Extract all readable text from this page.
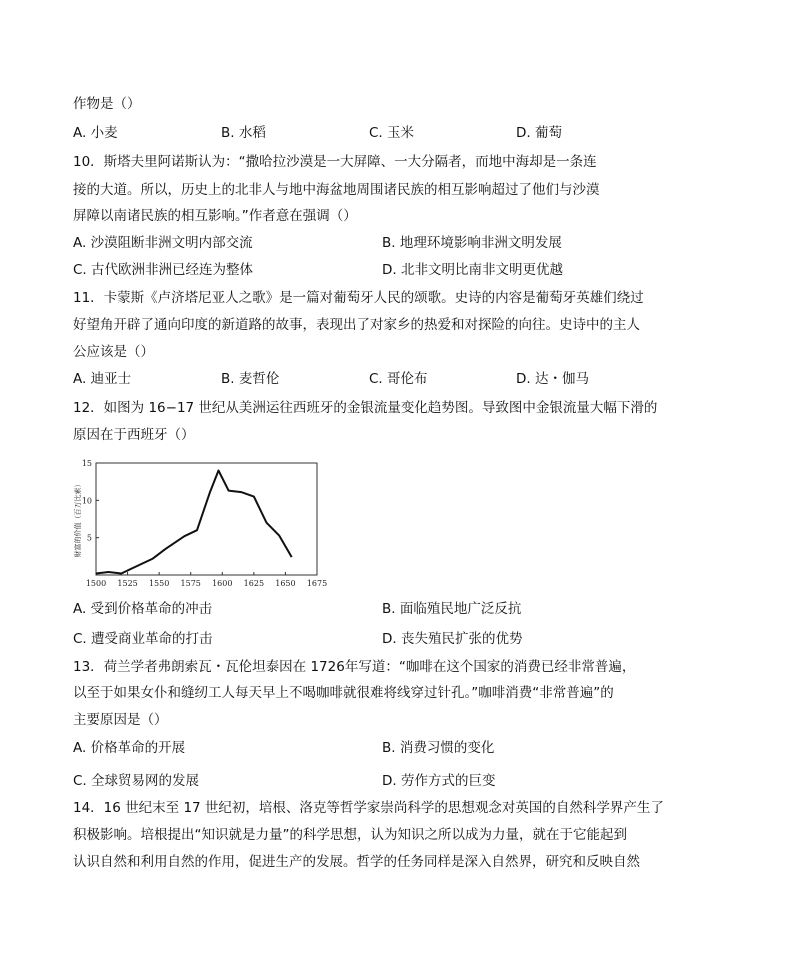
作物是（）
A. 小麦	B. 水稻	C. 玉米	D. 葡萄
10．斯塔夫里阿诺斯认为：“撒哈拉沙漠是一大屏障、一大分隔者，而地中海却是一条连
接的大道。所以，历史上的北非人与地中海盆地周围诸民族的相互影响超过了他们与沙漠
屏障以南诸民族的相互影响。”作者意在强调（）
A. 沙漠阻断非洲文明内部交流	B. 地理环境影响非洲文明发展
C. 古代欧洲非洲已经连为整体	D. 北非文明比南非文明更优越
11．卡蒙斯《卢济塔尼亚人之歌》是一篇对葡萄牙人民的颂歌。史诗的内容是葡萄牙英雄们绕过
好望角开辟了通向印度的新道路的故事，表现出了对家乡的热爱和对探险的向往。史诗中的主人
公应该是（）
A. 迪亚士	B. 麦哲伦	C. 哥伦布	D. 达・伽马
12．如图为 16−17 世纪从美洲运往西班牙的金银流量变化趋势图。导致图中金银流量大幅下滑的
原因在于西班牙（）
1500 1525 1550 1575 1600 1625 1650 1675
5
10
15
财富的价值（百万比索）
A. 受到价格革命的冲击	B. 面临殖民地广泛反抗
C. 遭受商业革命的打击	D. 丧失殖民扩张的优势
13．荷兰学者弗朗索瓦・瓦伦坦泰因在 1726年写道：“咖啡在这个国家的消费已经非常普遍，
以至于如果女仆和缝纫工人每天早上不喝咖啡就很难将线穿过针孔。”咖啡消费“非常普遍”的
主要原因是（）
A. 价格革命的开展	B. 消费习惯的变化
C. 全球贸易网的发展	D. 劳作方式的巨变
14．16 世纪末至 17 世纪初，培根、洛克等哲学家崇尚科学的思想观念对英国的自然科学界产生了
积极影响。培根提出“知识就是力量”的科学思想，认为知识之所以成为力量，就在于它能起到
认识自然和利用自然的作用，促进生产的发展。哲学的任务同样是深入自然界，研究和反映自然
